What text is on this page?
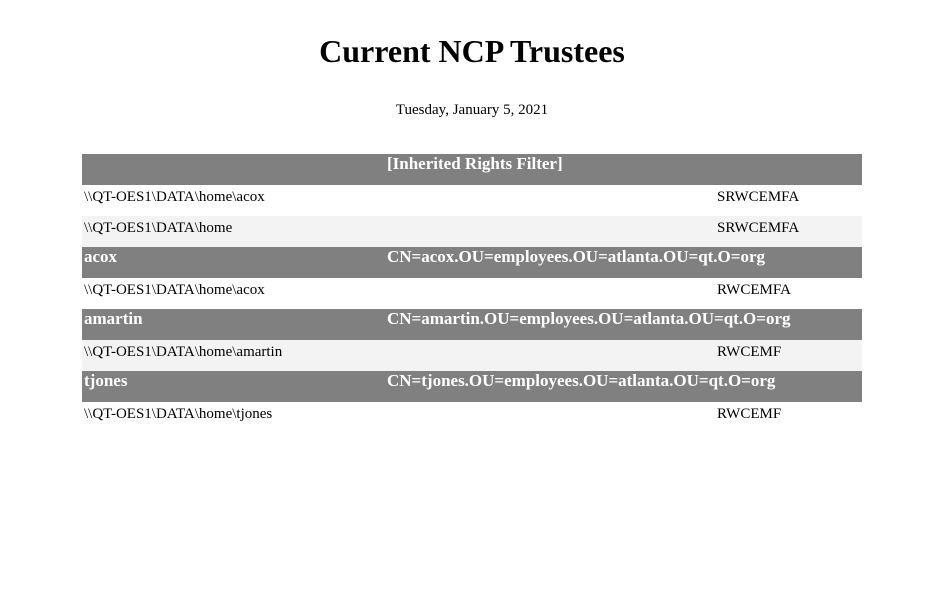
Current NCP Trustees
Tuesday, January 5, 2021
[Inherited Rights Filter]
\\QT-OES1\DATA\home\acox	SRWCEMFA
\\QT-OES1\DATA\home	SRWCEMFA
acox	CN=acox.OU=employees.OU=atlanta.OU=qt.O=org
\\QT-OES1\DATA\home\acox	RWCEMFA
amartin	CN=amartin.OU=employees.OU=atlanta.OU=qt.O=org
\\QT-OES1\DATA\home\amartin	RWCEMF
tjones	CN=tjones.OU=employees.OU=atlanta.OU=qt.O=org
\\QT-OES1\DATA\home\tjones	RWCEMF
